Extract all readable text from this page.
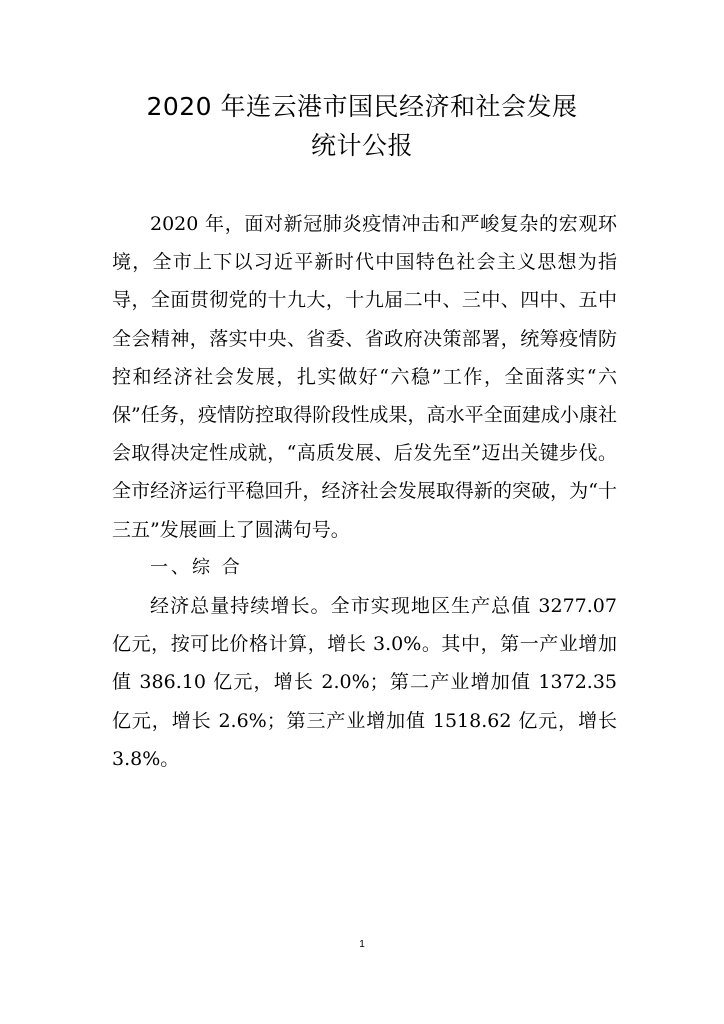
2020 年连云港市国民经济和社会发展
统计公报

2020 年，面对新冠肺炎疫情冲击和严峻复杂的宏观环境，全市上下以习近平新时代中国特色社会主义思想为指导，全面贯彻党的十九大，十九届二中、三中、四中、五中全会精神，落实中央、省委、省政府决策部署，统筹疫情防控和经济社会发展，扎实做好“六稳”工作，全面落实“六保”任务，疫情防控取得阶段性成果，高水平全面建成小康社会取得决定性成就，“高质发展、后发先至”迈出关键步伐。全市经济运行平稳回升，经济社会发展取得新的突破，为“十三五”发展画上了圆满句号。

一、综 合

经济总量持续增长。全市实现地区生产总值 3277.07 亿元，按可比价格计算，增长 3.0%。其中，第一产业增加值 386.10 亿元，增长 2.0%；第二产业增加值 1372.35 亿元，增长 2.6%；第三产业增加值 1518.62 亿元，增长 3.8%。

1
